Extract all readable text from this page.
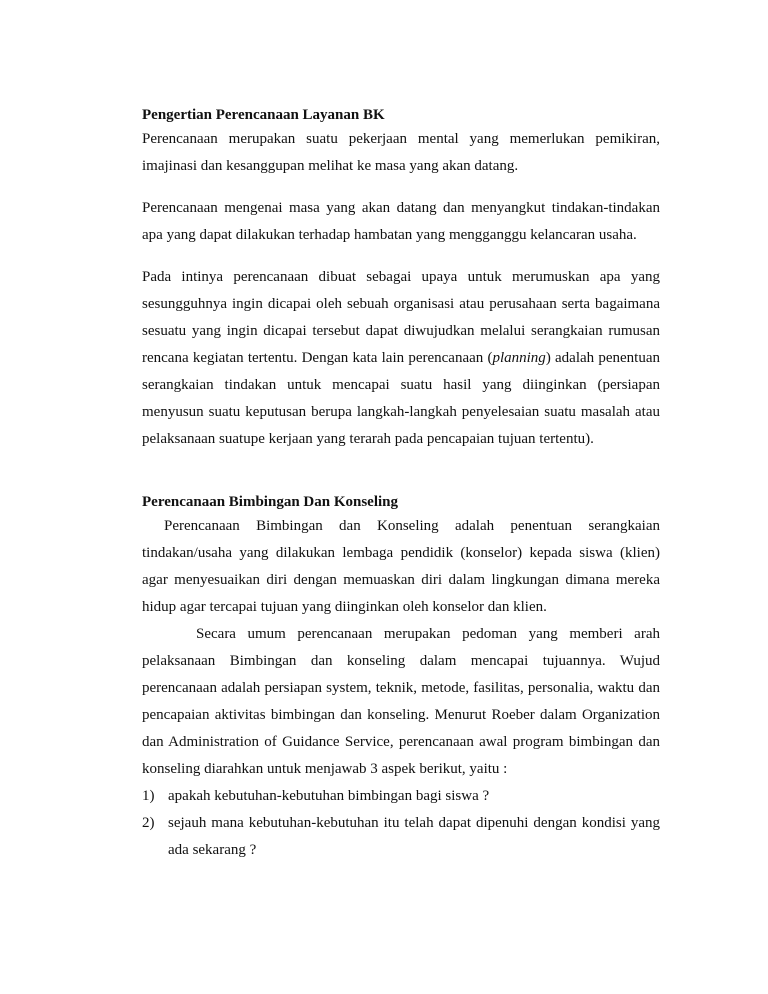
Pengertian Perencanaan Layanan BK

Perencanaan merupakan suatu pekerjaan mental yang memerlukan pemikiran, imajinasi dan kesanggupan melihat ke masa yang akan datang.

Perencanaan mengenai masa yang akan datang dan menyangkut tindakan-tindakan apa yang dapat dilakukan terhadap hambatan yang mengganggu kelancaran usaha.

Pada intinya perencanaan dibuat sebagai upaya untuk merumuskan apa yang sesungguhnya ingin dicapai oleh sebuah organisasi atau perusahaan serta bagaimana sesuatu yang ingin dicapai tersebut dapat diwujudkan melalui serangkaian rumusan rencana kegiatan tertentu. Dengan kata lain perencanaan (planning) adalah penentuan serangkaian tindakan untuk mencapai suatu hasil yang diinginkan (persiapan menyusun suatu keputusan berupa langkah-langkah penyelesaian suatu masalah atau pelaksanaan suatupe kerjaan yang terarah pada pencapaian tujuan tertentu).

Perencanaan Bimbingan Dan Konseling

Perencanaan Bimbingan dan Konseling adalah penentuan serangkaian tindakan/usaha yang dilakukan lembaga pendidik (konselor) kepada siswa (klien) agar menyesuaikan diri dengan memuaskan diri dalam lingkungan dimana mereka hidup agar tercapai tujuan yang diinginkan oleh konselor dan klien.

Secara umum perencanaan merupakan pedoman yang memberi arah pelaksanaan Bimbingan dan konseling dalam mencapai tujuannya. Wujud perencanaan adalah persiapan system, teknik, metode, fasilitas, personalia, waktu dan pencapaian aktivitas bimbingan dan konseling. Menurut Roeber dalam Organization dan Administration of Guidance Service, perencanaan awal program bimbingan dan konseling diarahkan untuk menjawab 3 aspek berikut, yaitu :

1) apakah kebutuhan-kebutuhan bimbingan bagi siswa ?
2) sejauh mana kebutuhan-kebutuhan itu telah dapat dipenuhi dengan kondisi yang ada sekarang ?
